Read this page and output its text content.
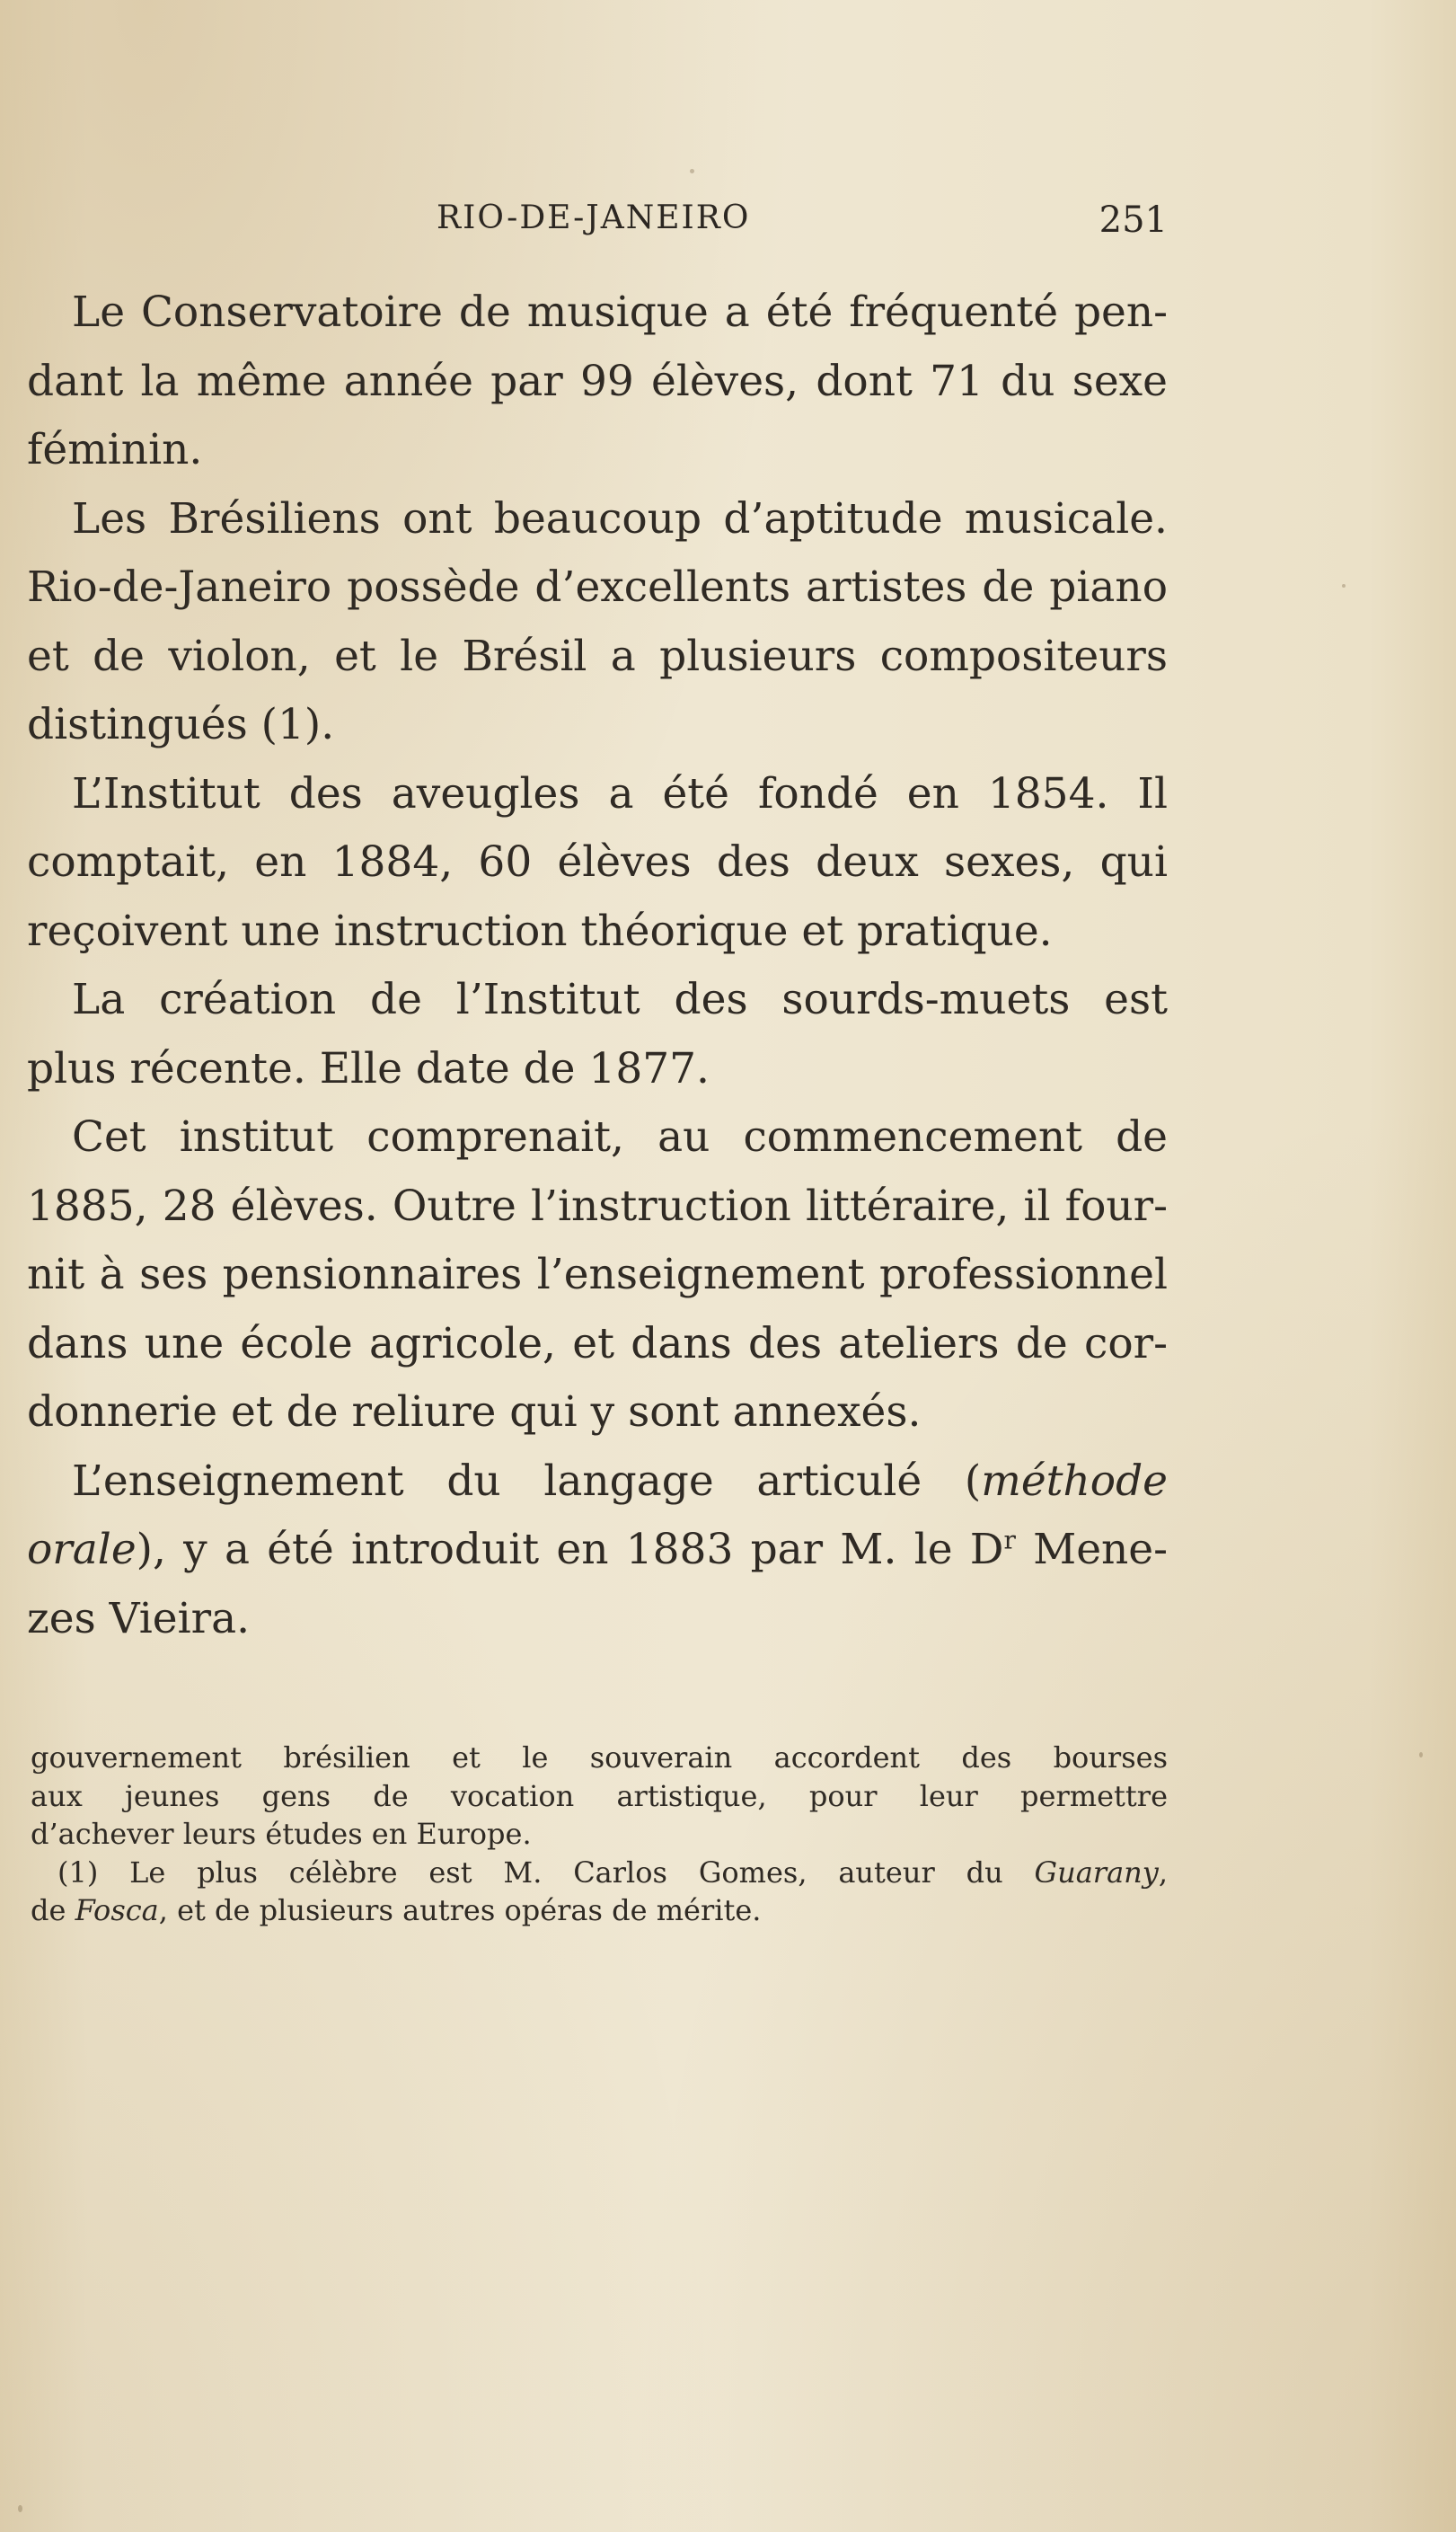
RIO-DE-JANEIRO	251
Le Conservatoire de musique a été fréquenté pen-
dant la même année par 99 élèves, dont 71 du sexe
féminin.
Les Brésiliens ont beaucoup d’aptitude musicale.
Rio-de-Janeiro possède d’excellents artistes de piano
et de violon, et le Brésil a plusieurs compositeurs
distingués (1).
L’Institut des aveugles a été fondé en 1854. Il
comptait, en 1884, 60 élèves des deux sexes, qui
reçoivent une instruction théorique et pratique.
La création de l’Institut des sourds-muets est
plus récente. Elle date de 1877.
Cet institut comprenait, au commencement de
1885, 28 élèves. Outre l’instruction littéraire, il four-
nit à ses pensionnaires l’enseignement professionnel
dans une école agricole, et dans des ateliers de cor-
donnerie et de reliure qui y sont annexés.
L’enseignement du langage articulé (méthode
orale), y a été introduit en 1883 par M. le $D^r$ Mene-
zes Vieira.
gouvernement brésilien et le souverain accordent des bourses
aux jeunes gens de vocation artistique, pour leur permettre
d’achever leurs études en Europe.
(1) Le plus célèbre est M. Carlos Gomes, auteur du Guarany,
de Fosca, et de plusieurs autres opéras de mérite.
